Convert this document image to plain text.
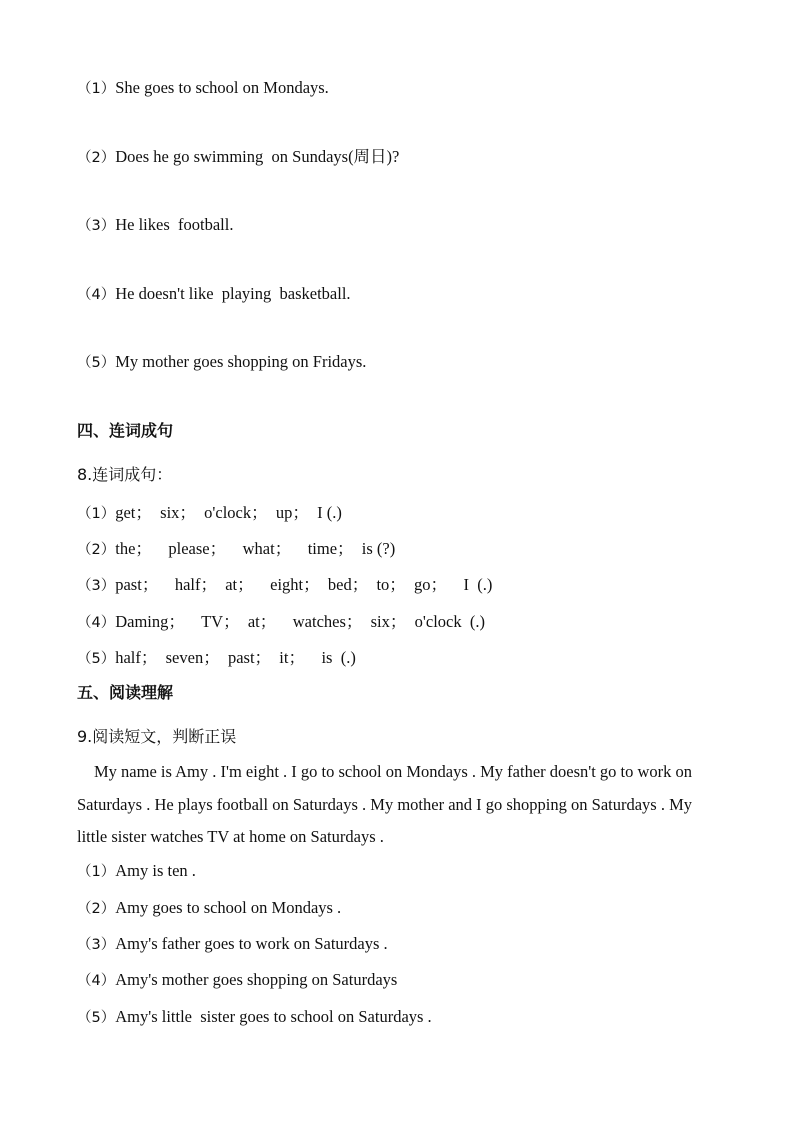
（1）She goes to school on Mondays.
（2）Does he go swimming  on Sundays(周日)?
（3）He likes  football.
（4）He doesn't like  playing  basketball.
（5）My mother goes shopping on Fridays.
四、连词成句
8.连词成句：
（1）get；  six；  o'clock；  up；  I (.)
（2）the；    please；    what；    time；  is (?)
（3）past；    half；  at；    eight；  bed；  to；  go；    I  (.)
（4）Daming；    TV；  at；    watches；  six；  o'clock  (.)
（5）half；  seven；  past；  it；    is  (.)
五、阅读理解
9.阅读短文，判断正误
My name is Amy . I'm eight . I go to school on Mondays . My father doesn't go to work on Saturdays . He plays football on Saturdays . My mother and I go shopping on Saturdays . My little sister watches TV at home on Saturdays .
（1）Amy is ten .
（2）Amy goes to school on Mondays .
（3）Amy's father goes to work on Saturdays .
（4）Amy's mother goes shopping on Saturdays
（5）Amy's little  sister goes to school on Saturdays .
